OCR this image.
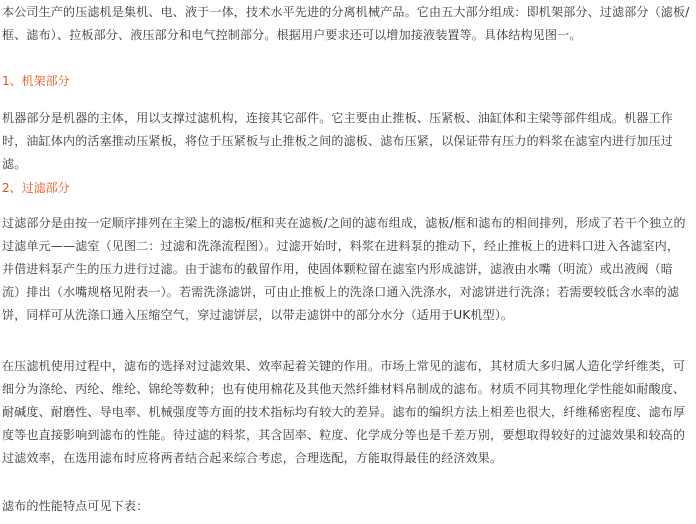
本公司生产的压滤机是集机、电、液于一体，技术水平先进的分离机械产品。它由五大部分组成：即机架部分、过滤部分（滤板/框、滤布）、拉板部分、液压部分和电气控制部分。根据用户要求还可以增加接液装置等。具体结构见图一。

1、机架部分

机器部分是机器的主体，用以支撑过滤机构，连接其它部件。它主要由止推板、压紧板、油缸体和主梁等部件组成。机器工作时，油缸体内的活塞推动压紧板，将位于压紧板与止推板之间的滤板、滤布压紧，以保证带有压力的料浆在滤室内进行加压过滤。

2、过滤部分

过滤部分是由按一定顺序排列在主梁上的滤板/框和夹在滤板/之间的滤布组成，滤板/框和滤布的相间排列，形成了若干个独立的过滤单元——滤室（见图二：过滤和洗涤流程图）。过滤开始时，料浆在进料泵的推动下，经止推板上的进料口进入各滤室内，并借进料泵产生的压力进行过滤。由于滤布的截留作用，使固体颗粒留在滤室内形成滤饼，滤液由水嘴（明流）或出液阀（暗流）排出（水嘴规格见附表一）。若需洗涤滤饼，可由止推板上的洗涤口通入洗涤水，对滤饼进行洗涤；若需要较低含水率的滤饼，同样可从洗涤口通入压缩空气，穿过滤饼层，以带走滤饼中的部分水分（适用于UK机型）。

在压滤机使用过程中，滤布的选择对过滤效果、效率起着关键的作用。市场上常见的滤布，其材质大多归属人造化学纤维类，可细分为涤纶、丙纶、维纶、锦纶等数种；也有使用棉花及其他天然纤維材料帛制成的滤布。材质不同其物理化学性能如耐酸度、耐碱度、耐磨性、导电率、机械强度等方面的技术指标均有较大的差异。滤布的编织方法上相差也很大，纤维稀密程度、滤布厚度等也直接影响到滤布的性能。待过滤的料浆，其含固率、粒度、化学成分等也是千差万别，要想取得较好的过滤效果和较高的过滤效率，在选用滤布时应将两者结合起来综合考虑，合理选配，方能取得最佳的经济效果。

滤布的性能特点可见下表：
